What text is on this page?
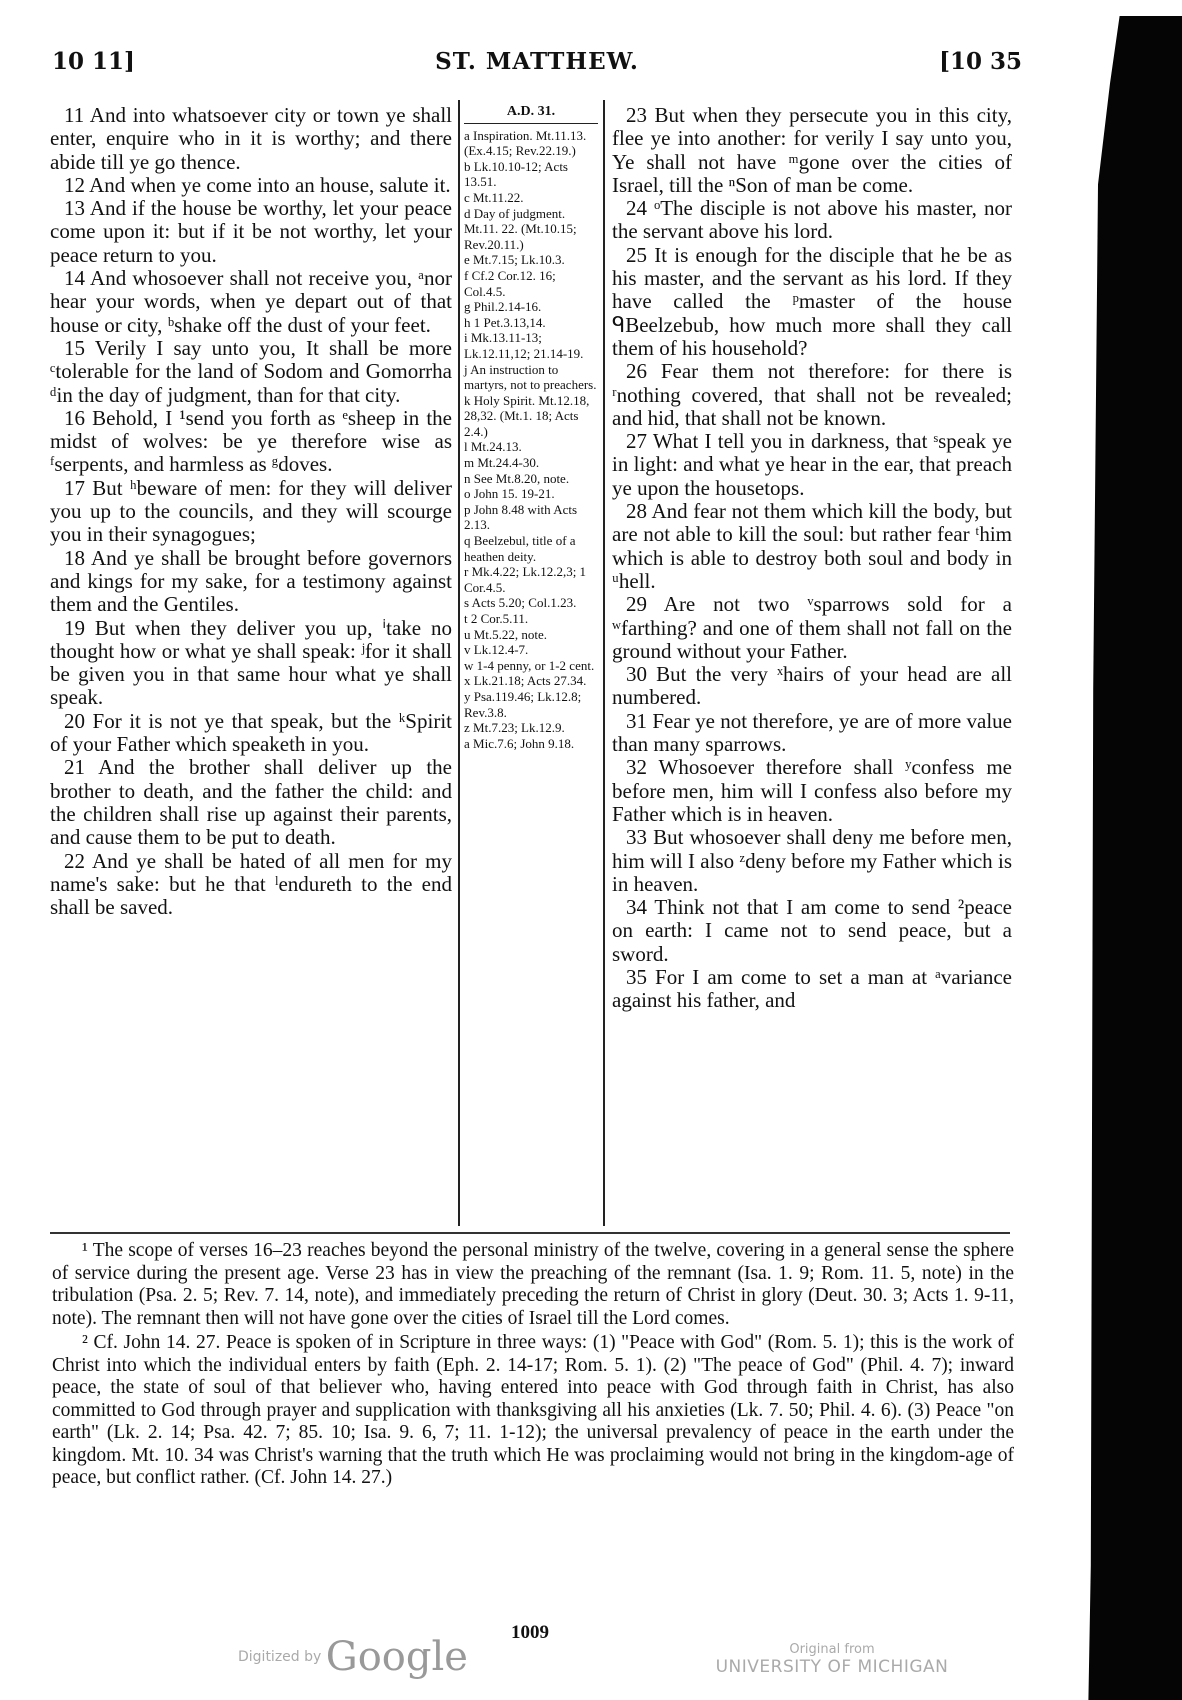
10 11]	ST. MATTHEW.	[10 35

11 And into whatsoever city or town ye shall enter, enquire who in it is worthy; and there abide till ye go thence.

12 And when ye come into an house, salute it.

13 And if the house be worthy, let your peace come upon it: but if it be not worthy, let your peace return to you.

14 And whosoever shall not receive you, ᵃnor hear your words, when ye depart out of that house or city, ᵇshake off the dust of your feet.

15 Verily I say unto you, It shall be more ᶜtolerable for the land of Sodom and Gomorrha ᵈin the day of judgment, than for that city.

16 Behold, I ¹send you forth as ᵉsheep in the midst of wolves: be ye therefore wise as ᶠserpents, and harmless as ᵍdoves.

17 But ʰbeware of men: for they will deliver you up to the councils, and they will scourge you in their synagogues;

18 And ye shall be brought before governors and kings for my sake, for a testimony against them and the Gentiles.

19 But when they deliver you up, ⁱtake no thought how or what ye shall speak: ʲfor it shall be given you in that same hour what ye shall speak.

20 For it is not ye that speak, but the ᵏSpirit of your Father which speaketh in you.

21 And the brother shall deliver up the brother to death, and the father the child: and the children shall rise up against their parents, and cause them to be put to death.

22 And ye shall be hated of all men for my name's sake: but he that ˡendureth to the end shall be saved.

A.D. 31.

a Inspiration. Mt.11.13. (Ex.4.15; Rev.22.19.)

b Lk.10.10-12; Acts 13.51.

c Mt.11.22.

d Day of judgment. Mt.11. 22. (Mt.10.15; Rev.20.11.)

e Mt.7.15; Lk.10.3.

f Cf.2 Cor.12. 16; Col.4.5.

g Phil.2.14-16.

h 1 Pet.3.13,14.

i Mk.13.11-13; Lk.12.11,12; 21.14-19.

j An instruction to martyrs, not to preachers.

k Holy Spirit. Mt.12.18, 28,32. (Mt.1. 18; Acts 2.4.)

l Mt.24.13.

m Mt.24.4-30.

n See Mt.8.20, note.

o John 15. 19-21.

p John 8.48 with Acts 2.13.

q Beelzebul, title of a heathen deity.

r Mk.4.22; Lk.12.2,3; 1 Cor.4.5.

s Acts 5.20; Col.1.23.

t 2 Cor.5.11.

u Mt.5.22, note.

v Lk.12.4-7.

w 1-4 penny, or 1-2 cent.

x Lk.21.18; Acts 27.34.

y Psa.119.46; Lk.12.8; Rev.3.8.

z Mt.7.23; Lk.12.9.

a Mic.7.6; John 9.18.

23 But when they persecute you in this city, flee ye into another: for verily I say unto you, Ye shall not have ᵐgone over the cities of Israel, till the ⁿSon of man be come.

24 ᵒThe disciple is not above his master, nor the servant above his lord.

25 It is enough for the disciple that he be as his master, and the servant as his lord. If they have called the ᵖmaster of the house ᑫBeelzebub, how much more shall they call them of his household?

26 Fear them not therefore: for there is ʳnothing covered, that shall not be revealed; and hid, that shall not be known.

27 What I tell you in darkness, that ˢspeak ye in light: and what ye hear in the ear, that preach ye upon the housetops.

28 And fear not them which kill the body, but are not able to kill the soul: but rather fear ᵗhim which is able to destroy both soul and body in ᵘhell.

29 Are not two ᵛsparrows sold for a ʷfarthing? and one of them shall not fall on the ground without your Father.

30 But the very ˣhairs of your head are all numbered.

31 Fear ye not therefore, ye are of more value than many sparrows.

32 Whosoever therefore shall ʸconfess me before men, him will I confess also before my Father which is in heaven.

33 But whosoever shall deny me before men, him will I also ᶻdeny before my Father which is in heaven.

34 Think not that I am come to send ²peace on earth: I came not to send peace, but a sword.

35 For I am come to set a man at ᵃvariance against his father, and

¹ The scope of verses 16–23 reaches beyond the personal ministry of the twelve, covering in a general sense the sphere of service during the present age. Verse 23 has in view the preaching of the remnant (Isa. 1. 9; Rom. 11. 5, note) in the tribulation (Psa. 2. 5; Rev. 7. 14, note), and immediately preceding the return of Christ in glory (Deut. 30. 3; Acts 1. 9-11, note). The remnant then will not have gone over the cities of Israel till the Lord comes.

² Cf. John 14. 27. Peace is spoken of in Scripture in three ways: (1) "Peace with God" (Rom. 5. 1); this is the work of Christ into which the individual enters by faith (Eph. 2. 14-17; Rom. 5. 1). (2) "The peace of God" (Phil. 4. 7); inward peace, the state of soul of that believer who, having entered into peace with God through faith in Christ, has also committed to God through prayer and supplication with thanksgiving all his anxieties (Lk. 7. 50; Phil. 4. 6). (3) Peace "on earth" (Lk. 2. 14; Psa. 42. 7; 85. 10; Isa. 9. 6, 7; 11. 1-12); the universal prevalency of peace in the earth under the kingdom. Mt. 10. 34 was Christ's warning that the truth which He was proclaiming would not bring in the kingdom-age of peace, but conflict rather. (Cf. John 14. 27.)

1009
Digitized by Google	Original from
UNIVERSITY OF MICHIGAN
